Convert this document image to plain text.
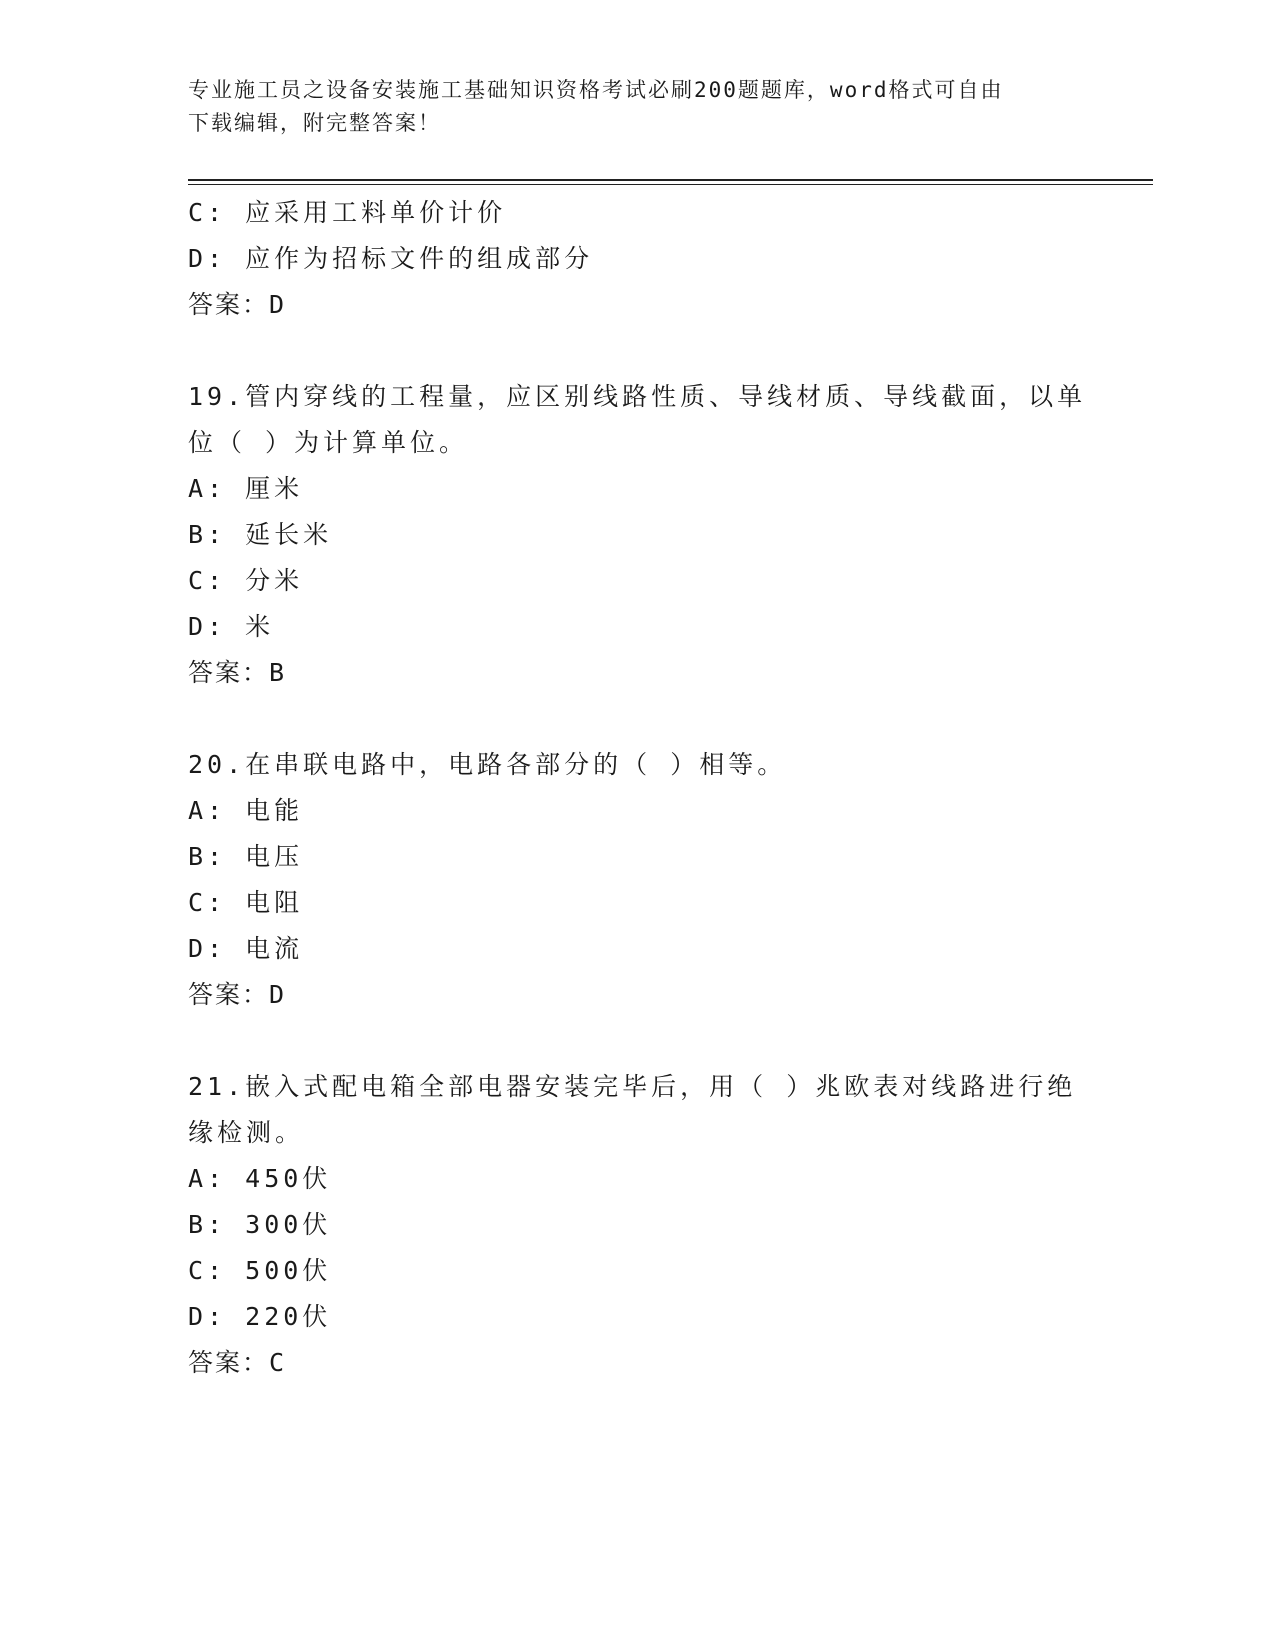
专业施工员之设备安装施工基础知识资格考试必刷200题题库，word格式可自由
下载编辑，附完整答案！
C: 应采用工料单价计价
D: 应作为招标文件的组成部分
答案：D
19.管内穿线的工程量，应区别线路性质、导线材质、导线截面，以单
位（ ）为计算单位。
A: 厘米
B: 延长米
C: 分米
D: 米
答案：B
20.在串联电路中，电路各部分的（ ）相等。
A: 电能
B: 电压
C: 电阻
D: 电流
答案：D
21.嵌入式配电箱全部电器安装完毕后，用（ ）兆欧表对线路进行绝
缘检测。
A: 450伏
B: 300伏
C: 500伏
D: 220伏
答案：C
